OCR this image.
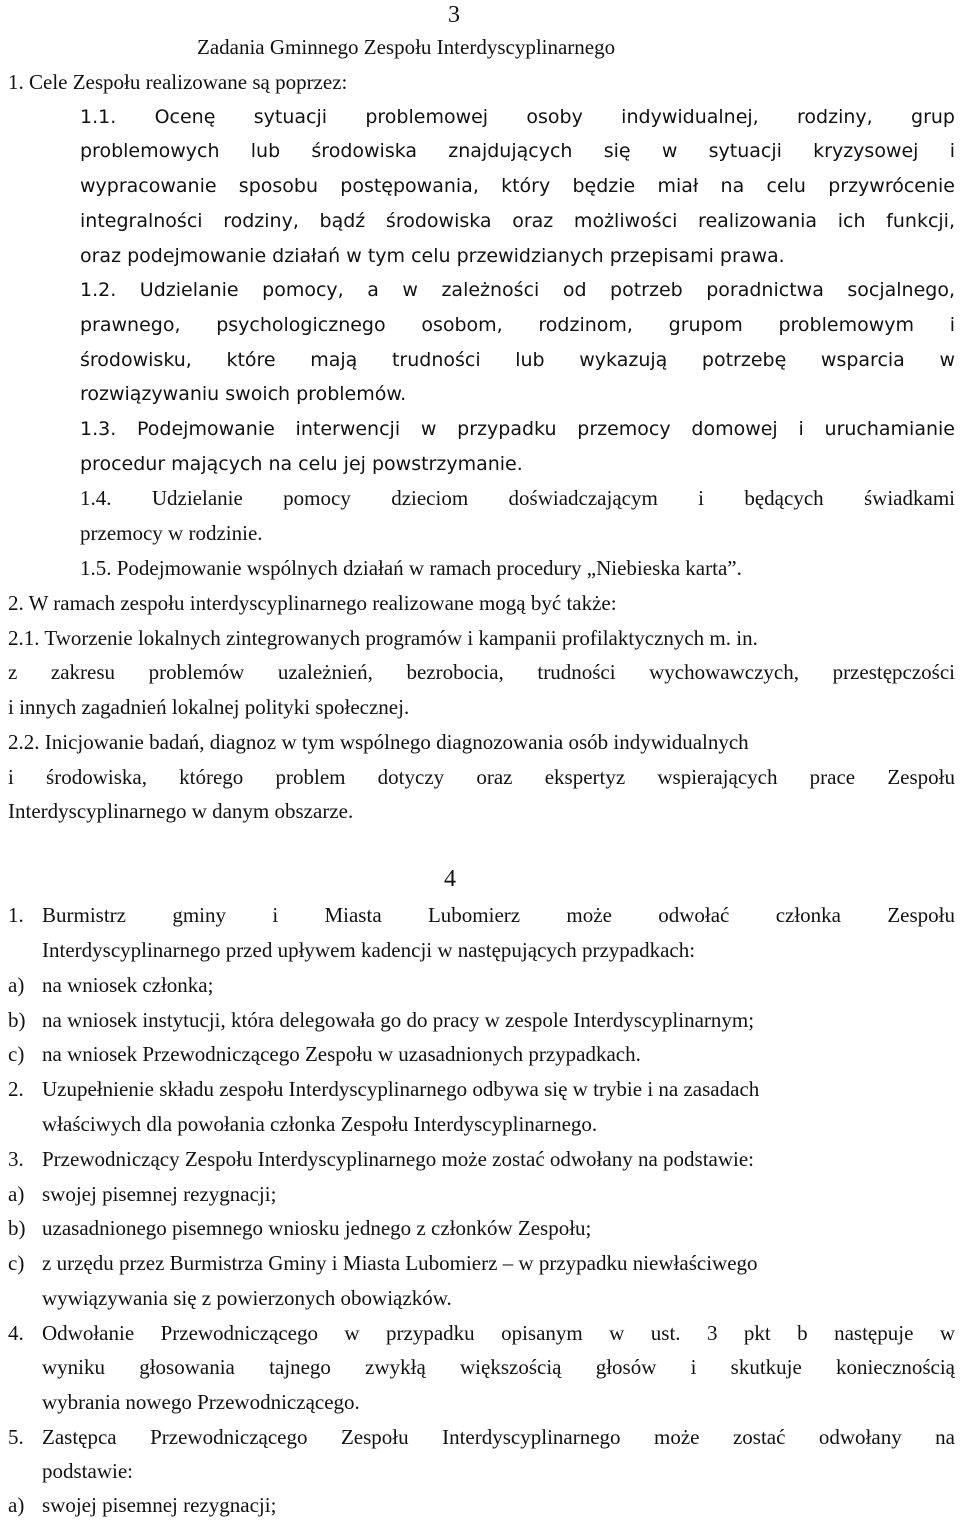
3
Zadania Gminnego Zespołu Interdyscyplinarnego
1. Cele Zespołu realizowane są poprzez:
1.1. Ocenę sytuacji problemowej osoby indywidualnej, rodziny, grup
problemowych lub środowiska znajdujących się w sytuacji kryzysowej i
wypracowanie sposobu postępowania, który będzie miał na celu przywrócenie
integralności rodziny, bądź środowiska oraz możliwości realizowania ich funkcji,
oraz podejmowanie działań w tym celu przewidzianych przepisami prawa.
1.2. Udzielanie pomocy, a w zależności od potrzeb poradnictwa socjalnego,
prawnego, psychologicznego osobom, rodzinom, grupom problemowym i
środowisku, które mają trudności lub wykazują potrzebę wsparcia w
rozwiązywaniu swoich problemów.
1.3. Podejmowanie interwencji w przypadku przemocy domowej i uruchamianie
procedur mających na celu jej powstrzymanie.
1.4. Udzielanie pomocy dzieciom doświadczającym i będących świadkami
przemocy w rodzinie.
1.5. Podejmowanie wspólnych działań w ramach procedury „Niebieska karta”.
2. W ramach zespołu interdyscyplinarnego realizowane mogą być także:
2.1. Tworzenie lokalnych zintegrowanych programów i kampanii profilaktycznych m. in.
z zakresu problemów uzależnień, bezrobocia, trudności wychowawczych, przestępczości
i innych zagadnień lokalnej polityki społecznej.
2.2. Inicjowanie badań, diagnoz w tym wspólnego diagnozowania osób indywidualnych
i środowiska, którego problem dotyczy oraz ekspertyz wspierających prace Zespołu
Interdyscyplinarnego w danym obszarze.
4
1. Burmistrz gminy i Miasta Lubomierz może odwołać członka Zespołu
Interdyscyplinarnego przed upływem kadencji w następujących przypadkach:
a) na wniosek członka;
b) na wniosek instytucji, która delegowała go do pracy w zespole Interdyscyplinarnym;
c) na wniosek Przewodniczącego Zespołu w uzasadnionych przypadkach.
2. Uzupełnienie składu zespołu Interdyscyplinarnego odbywa się w trybie i na zasadach
właściwych dla powołania członka Zespołu Interdyscyplinarnego.
3. Przewodniczący Zespołu Interdyscyplinarnego może zostać odwołany na podstawie:
a) swojej pisemnej rezygnacji;
b) uzasadnionego pisemnego wniosku jednego z członków Zespołu;
c) z urzędu przez Burmistrza Gminy i Miasta Lubomierz – w przypadku niewłaściwego
wywiązywania się z powierzonych obowiązków.
4. Odwołanie Przewodniczącego w przypadku opisanym w ust. 3 pkt b następuje w
wyniku głosowania tajnego zwykłą większością głosów i skutkuje koniecznością
wybrania nowego Przewodniczącego.
5. Zastępca Przewodniczącego Zespołu Interdyscyplinarnego może zostać odwołany na
podstawie:
a) swojej pisemnej rezygnacji;
